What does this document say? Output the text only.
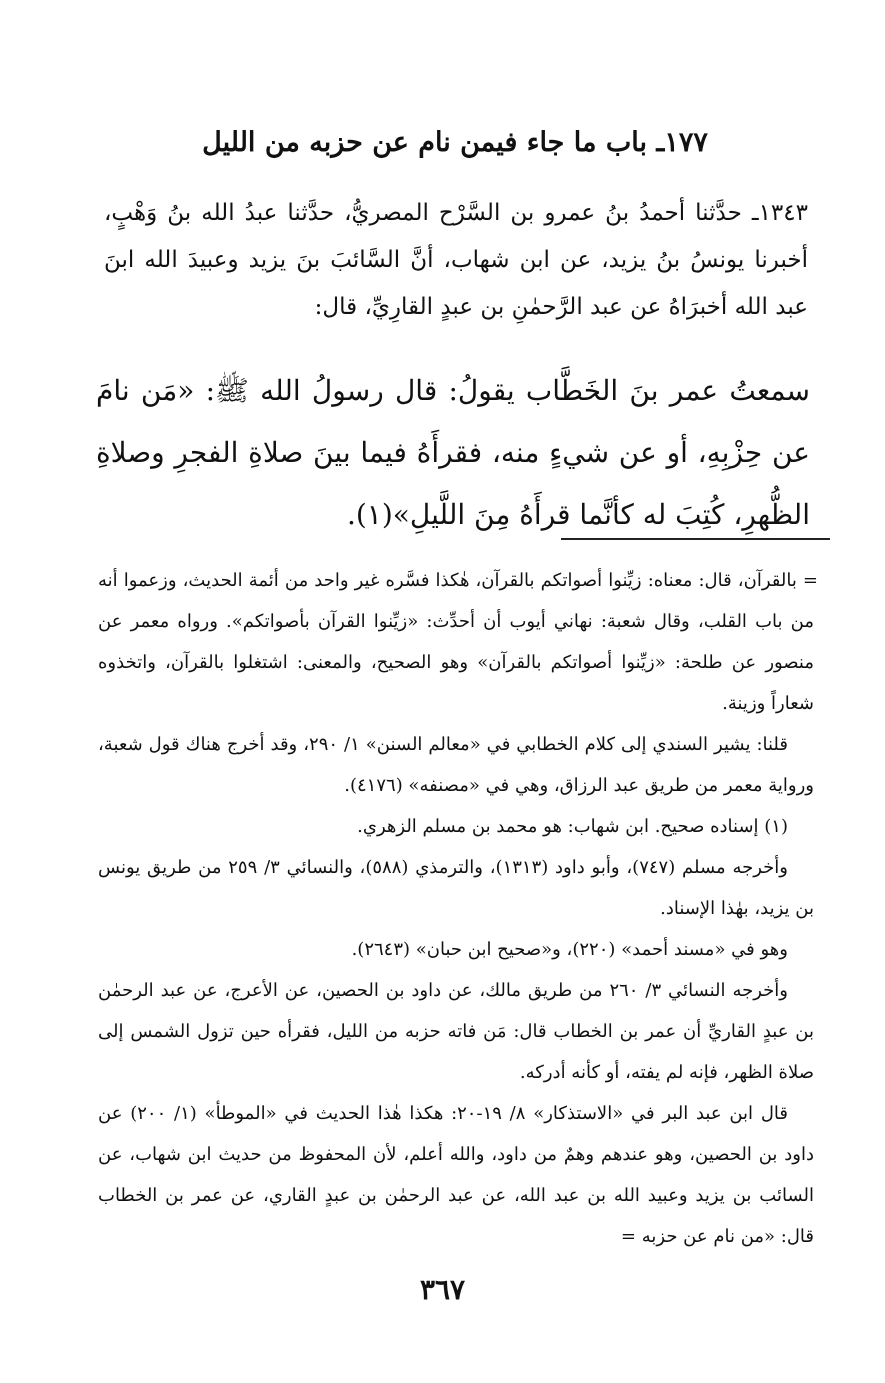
١٧٧ـ باب ما جاء فيمن نام عن حزبه من الليل
١٣٤٣ـ حدَّثنا أحمدُ بنُ عمرو بن السَّرْح المصريُّ، حدَّثنا عبدُ الله بنُ وَهْبٍ، أخبرنا يونسُ بنُ يزيد، عن ابن شهاب، أنَّ السَّائبَ بنَ يزيد وعبيدَ الله ابنَ عبد الله أخبرَاهُ عن عبد الرَّحمٰنِ بن عبدٍ القارِيِّ، قال:
سمعتُ عمر بنَ الخَطَّاب يقولُ: قال رسولُ الله ﷺ: «مَن نامَ عن حِزْبِهِ، أو عن شيءٍ منه، فقرأَهُ فيما بينَ صلاةِ الفجرِ وصلاةِ الظُّهرِ، كُتِبَ له كأنَّما قرأَهُ مِنَ اللَّيلِ»(١).

= بالقرآن، قال: معناه: زيِّنوا أصواتكم بالقرآن، هٰكذا فسَّره غير واحد من أئمة الحديث، وزعموا أنه من باب القلب، وقال شعبة: نهاني أيوب أن أحدِّث: «زيِّنوا القرآن بأصواتكم». ورواه معمر عن منصور عن طلحة: «زيِّنوا أصواتكم بالقرآن» وهو الصحيح، والمعنى: اشتغلوا بالقرآن، واتخذوه شعاراً وزينة.

قلنا: يشير السندي إلى كلام الخطابي في «معالم السنن» ١/ ٢٩٠، وقد أخرج هناك قول شعبة، ورواية معمر من طريق عبد الرزاق، وهي في «مصنفه» (٤١٧٦).

(١) إسناده صحيح. ابن شهاب: هو محمد بن مسلم الزهري.

وأخرجه مسلم (٧٤٧)، وأبو داود (١٣١٣)، والترمذي (٥٨٨)، والنسائي ٣/ ٢٥٩ من طريق يونس بن يزيد، بهٰذا الإسناد.

وهو في «مسند أحمد» (٢٢٠)، و«صحيح ابن حبان» (٢٦٤٣).

وأخرجه النسائي ٣/ ٢٦٠ من طريق مالك، عن داود بن الحصين، عن الأعرج، عن عبد الرحمٰن بن عبدٍ القاريِّ أن عمر بن الخطاب قال: مَن فاته حزبه من الليل، فقرأه حين تزول الشمس إلى صلاة الظهر، فإنه لم يفته، أو كأنه أدركه.

قال ابن عبد البر في «الاستذكار» ٨/ ١٩-٢٠: هكذا هٰذا الحديث في «الموطأ» (١/ ٢٠٠) عن داود بن الحصين، وهو عندهم وهمٌ من داود، والله أعلم، لأن المحفوظ من حديث ابن شهاب، عن السائب بن يزيد وعبيد الله بن عبد الله، عن عبد الرحمٰن بن عبدٍ القاري، عن عمر بن الخطاب قال: «من نام عن حزبه =

٣٦٧
